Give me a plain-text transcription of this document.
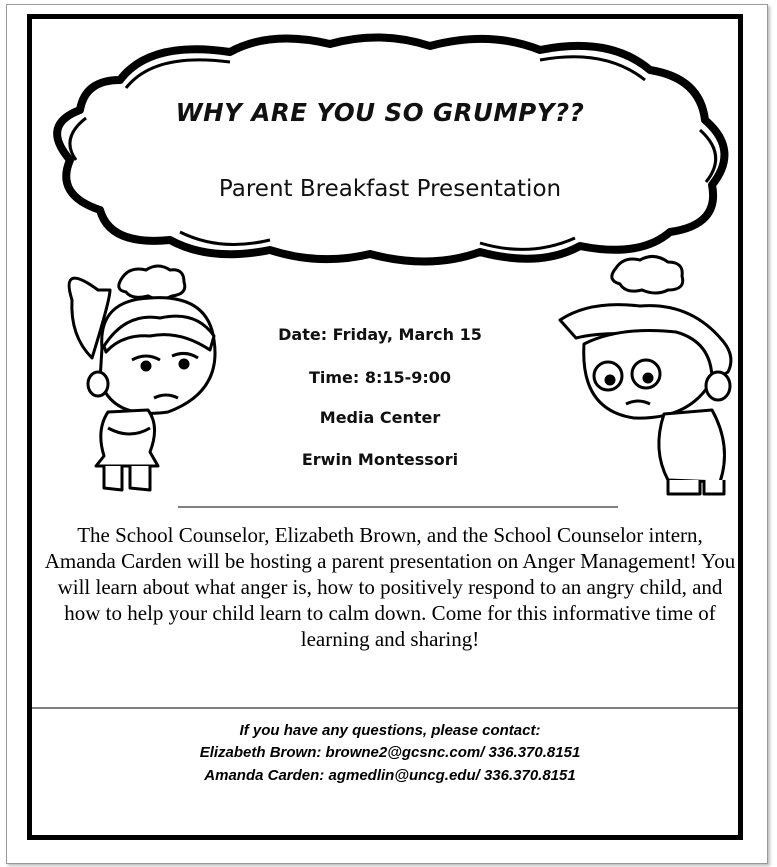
WHY ARE YOU SO GRUMPY??
Parent Breakfast Presentation
Date: Friday, March 15
Time: 8:15-9:00
Media Center
Erwin Montessori
The School Counselor, Elizabeth Brown, and the School Counselor intern, Amanda Carden will be hosting a parent presentation on Anger Management! You will learn about what anger is, how to positively respond to an angry child, and how to help your child learn to calm down. Come for this informative time of learning and sharing!
If you have any questions, please contact:
Elizabeth Brown: browne2@gcsnc.com/ 336.370.8151
Amanda Carden: agmedlin@uncg.edu/ 336.370.8151
